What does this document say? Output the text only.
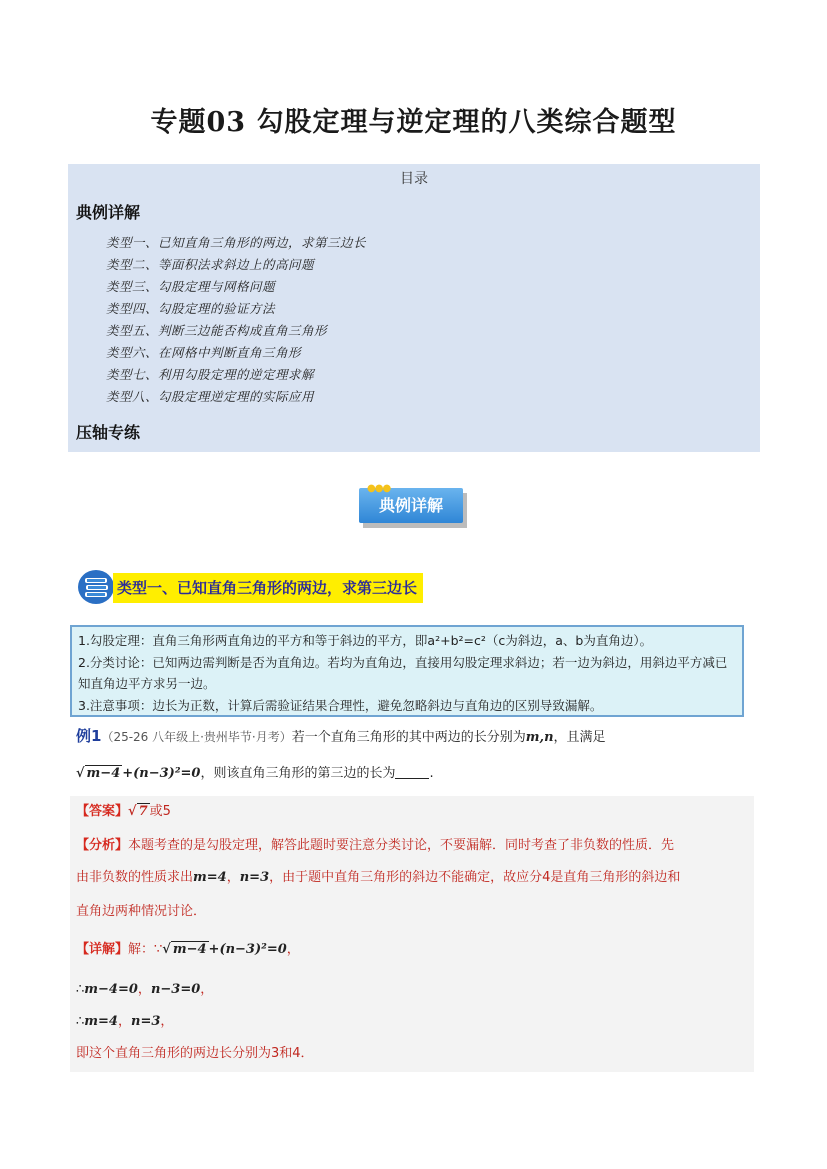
专题03 勾股定理与逆定理的八类综合题型
目录
典例详解
类型一、已知直角三角形的两边，求第三边长
类型二、等面积法求斜边上的高问题
类型三、勾股定理与网格问题
类型四、勾股定理的验证方法
类型五、判断三边能否构成直角三角形
类型六、在网格中判断直角三角形
类型七、利用勾股定理的逆定理求解
类型八、勾股定理逆定理的实际应用
压轴专练
典例详解
●●●
类型一、已知直角三角形的两边，求第三边长

1.勾股定理：直角三角形两直角边的平方和等于斜边的平方，即a²+b²=c²（c为斜边，a、b为直角边）。

2.分类讨论：已知两边需判断是否为直角边。若均为直角边，直接用勾股定理求斜边；若一边为斜边，用斜边平方减已知直角边平方求另一边。

3.注意事项：边长为正数，计算后需验证结果合理性，避免忽略斜边与直角边的区别导致漏解。

例1（25-26 八年级上·贵州毕节·月考）若一个直角三角形的其中两边的长分别为m,n，且满足
√ m−4 +(n−3)²=0，则该直角三角形的第三边的长为	.
【答案】√ 7 或5
【分析】本题考查的是勾股定理，解答此题时要注意分类讨论，不要漏解．同时考查了非负数的性质．先
由非负数的性质求出m=4，n=3，由于题中直角三角形的斜边不能确定，故应分4是直角三角形的斜边和
直角边两种情况讨论．
【详解】解：∵√ m−4 +(n−3)²=0，
∴m−4=0，n−3=0，
∴m=4，n=3，
即这个直角三角形的两边长分别为3和4．
